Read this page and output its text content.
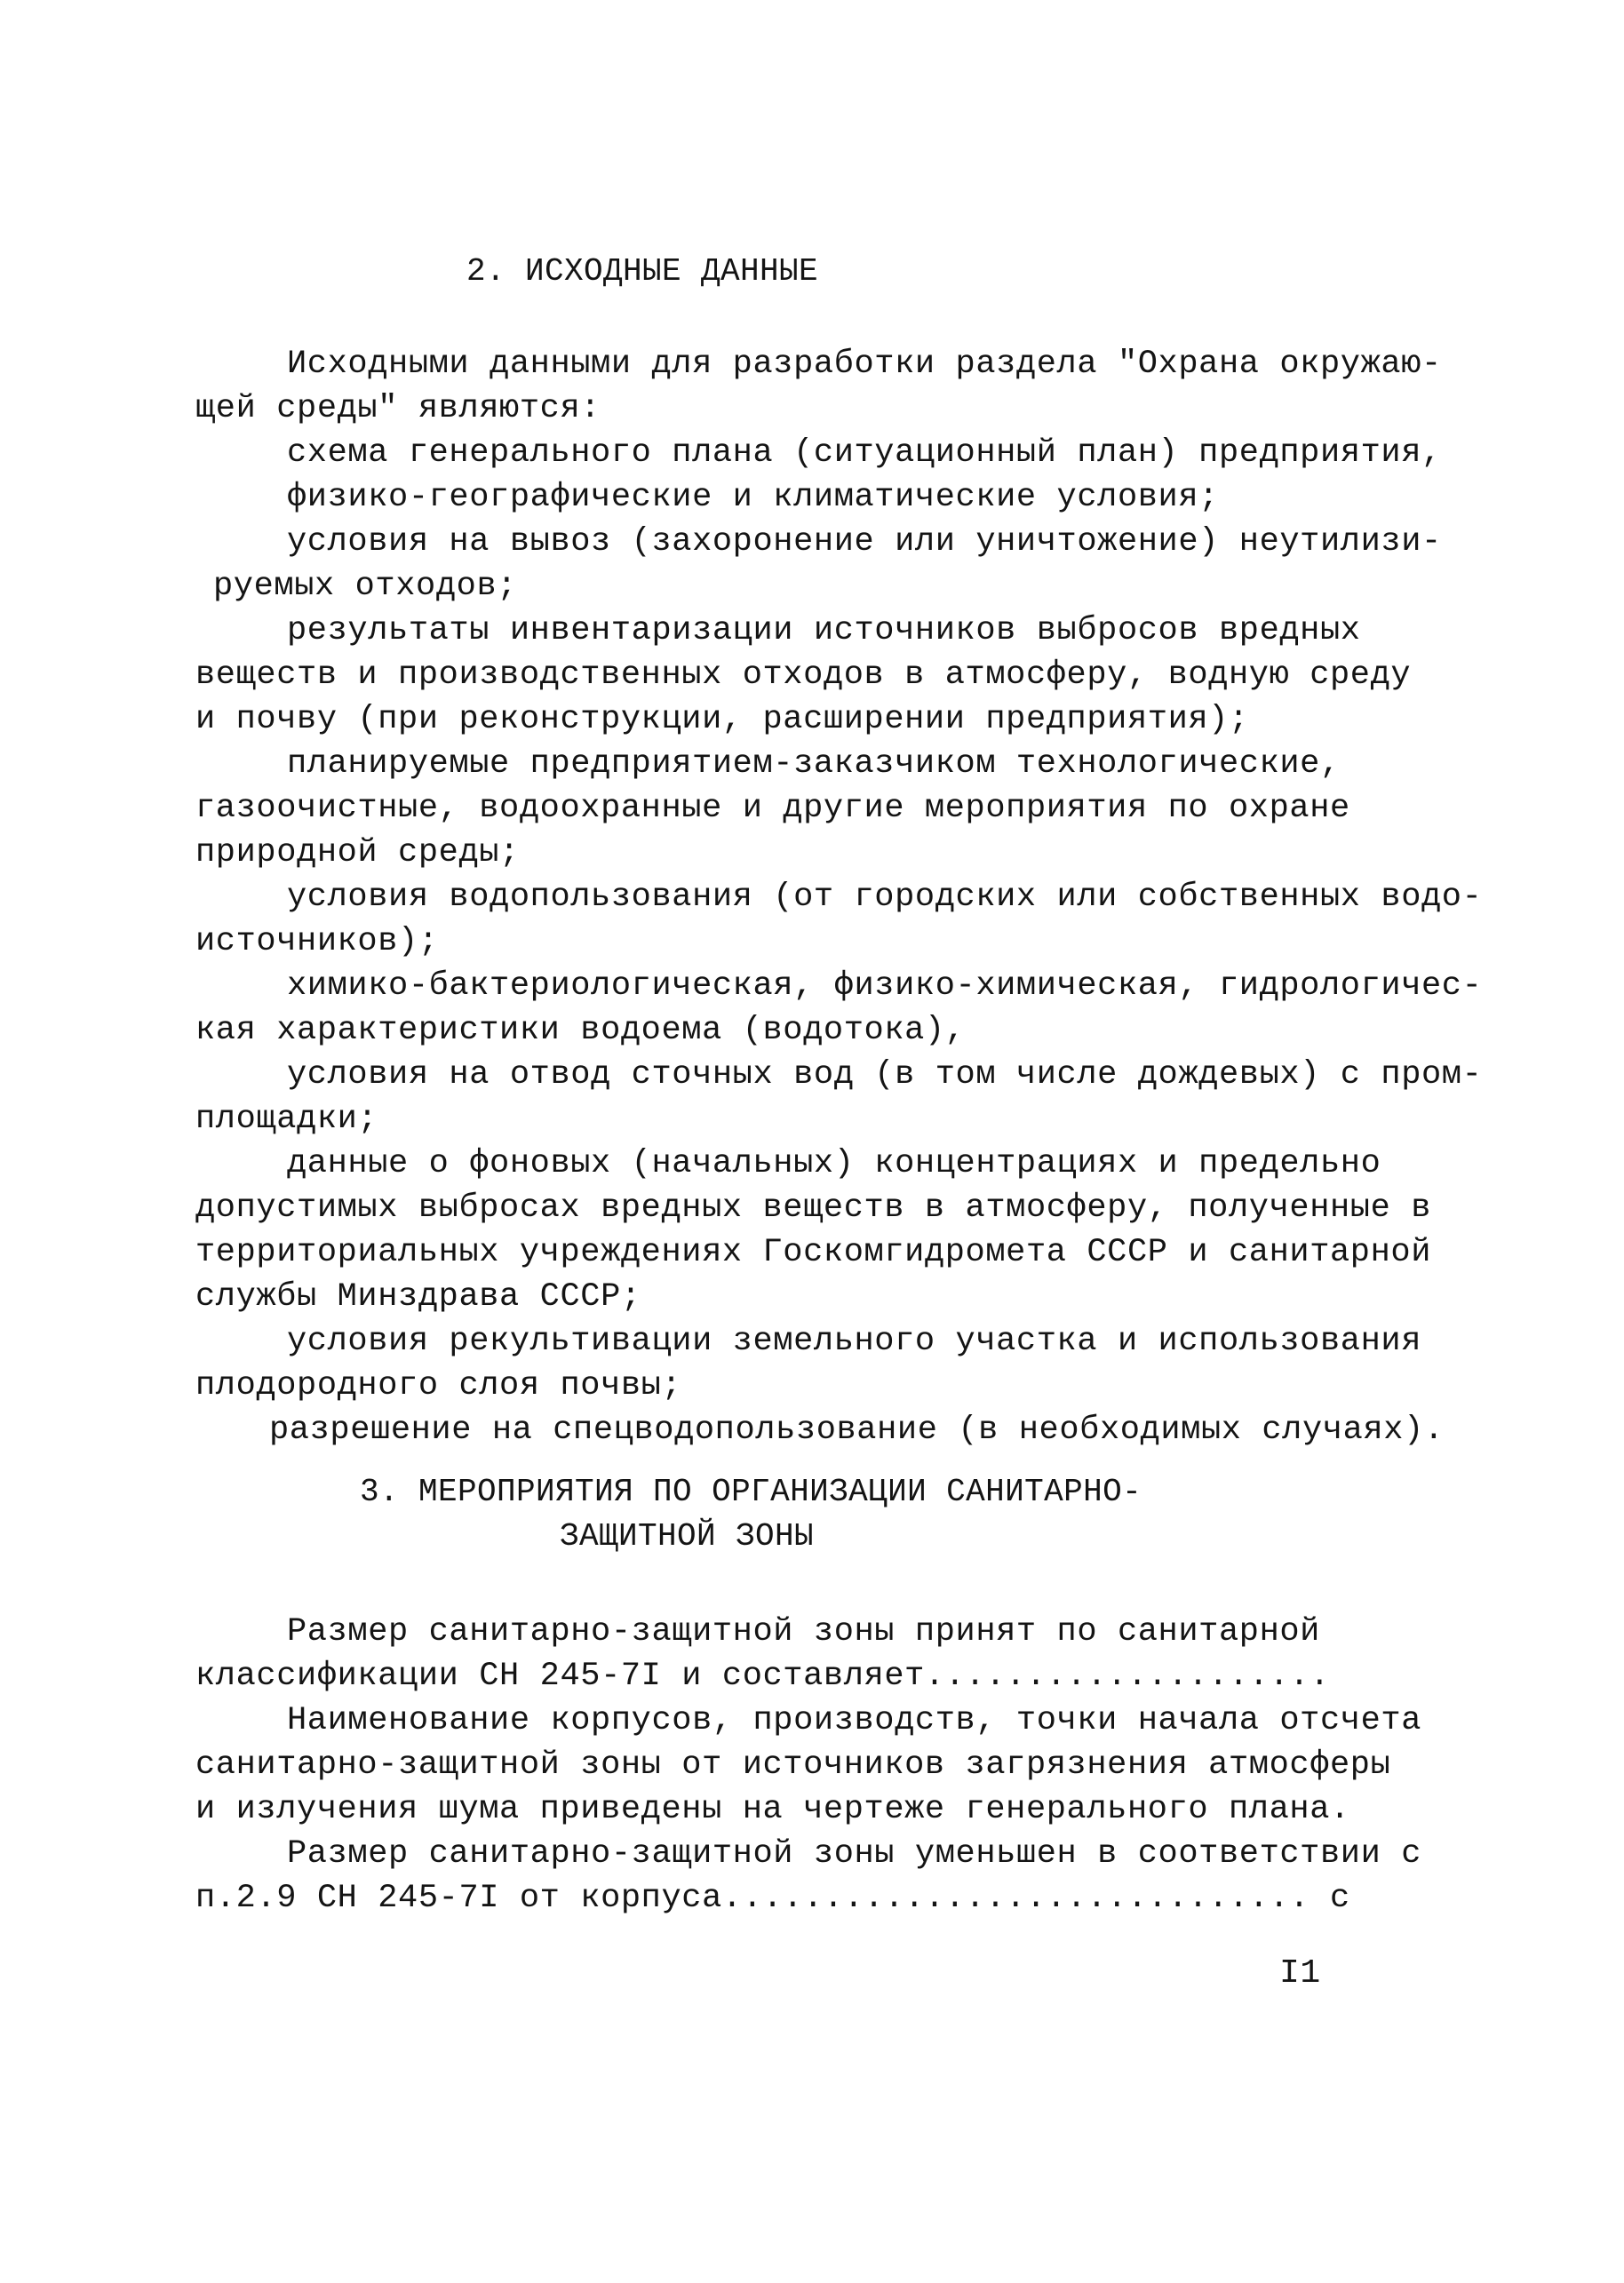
2. ИСХОДНЫЕ ДАННЫЕ
Исходными данными для разработки раздела "Охрана окружаю-
щей среды" являются:
схема генерального плана (ситуационный план) предприятия,
физико-географические и климатические условия;
условия на вывоз (захоронение или уничтожение) неутилизи-
руемых отходов;
результаты инвентаризации источников выбросов вредных
веществ и производственных отходов в атмосферу, водную среду
и почву (при реконструкции, расширении предприятия);
планируемые предприятием-заказчиком технологические,
газоочистные, водоохранные и другие мероприятия по охране
природной среды;
условия водопользования (от городских или собственных водо-
источников);
химико-бактериологическая, физико-химическая, гидрологичес-
кая характеристики водоема (водотока),
условия на отвод сточных вод (в том числе дождевых) с пром-
площадки;
данные о фоновых (начальных) концентрациях и предельно
допустимых выбросах вредных веществ в атмосферу, полученные в
территориальных учреждениях Госкомгидромета СССР и санитарной
службы Минздрава СССР;
условия рекультивации земельного участка и использования
плодородного слоя почвы;
разрешение на спецводопользование (в необходимых случаях).
3. МЕРОПРИЯТИЯ ПО ОРГАНИЗАЦИИ САНИТАРНО-
ЗАЩИТНОЙ ЗОНЫ
Размер санитарно-защитной зоны принят по санитарной
классификации СН 245-7I и составляет....................
Наименование корпусов, производств, точки начала отсчета
санитарно-защитной зоны от источников загрязнения атмосферы
и излучения шума приведены на чертеже генерального плана.
Размер санитарно-защитной зоны уменьшен в соответствии с
п.2.9 СН 245-7I от корпуса............................. с
I1
